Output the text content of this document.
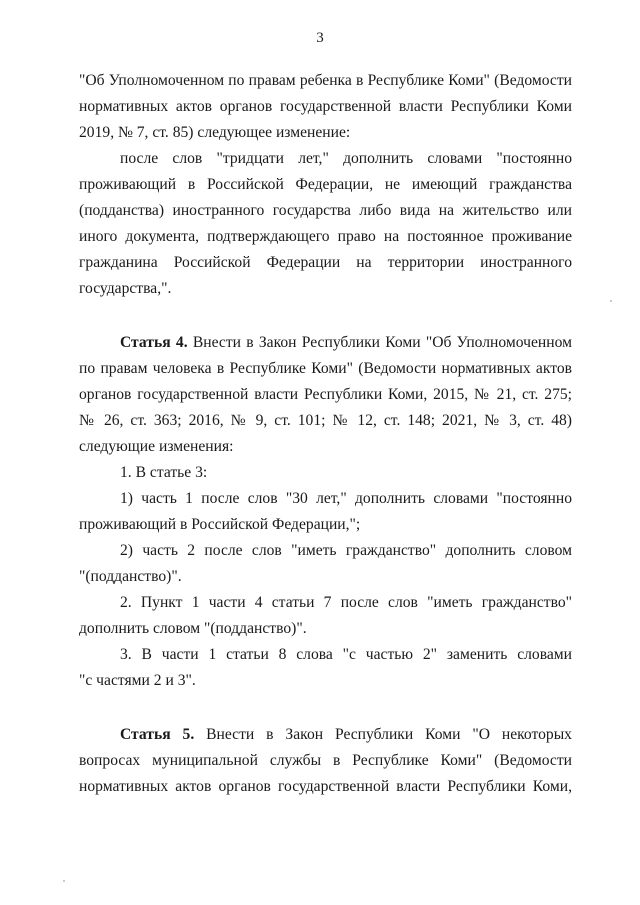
3
"Об Уполномоченном по правам ребенка в Республике Коми" (Ведомости
нормативных актов органов государственной власти Республики Коми
2019, № 7, ст. 85) следующее изменение:
после слов "тридцати лет," дополнить словами "постоянно
проживающий в Российской Федерации, не имеющий гражданства
(подданства) иностранного государства либо вида на жительство или
иного документа, подтверждающего право на постоянное проживание
гражданина Российской Федерации на территории иностранного
государства,".
Статья 4. Внести в Закон Республики Коми "Об Уполномоченном
по правам человека в Республике Коми" (Ведомости нормативных актов
органов государственной власти Республики Коми, 2015, № 21, ст. 275;
№ 26, ст. 363; 2016, № 9, ст. 101; № 12, ст. 148; 2021, № 3, ст. 48)
следующие изменения:
1. В статье 3:
1) часть 1 после слов "30 лет," дополнить словами "постоянно
проживающий в Российской Федерации,";
2) часть 2 после слов "иметь гражданство" дополнить словом
"(подданство)".
2. Пункт 1 части 4 статьи 7 после слов "иметь гражданство"
дополнить словом "(подданство)".
3. В части 1 статьи 8 слова "с частью 2" заменить словами
"с частями 2 и 3".
Статья 5. Внести в Закон Республики Коми "О некоторых
вопросах муниципальной службы в Республике Коми" (Ведомости
нормативных актов органов государственной власти Республики Коми,
